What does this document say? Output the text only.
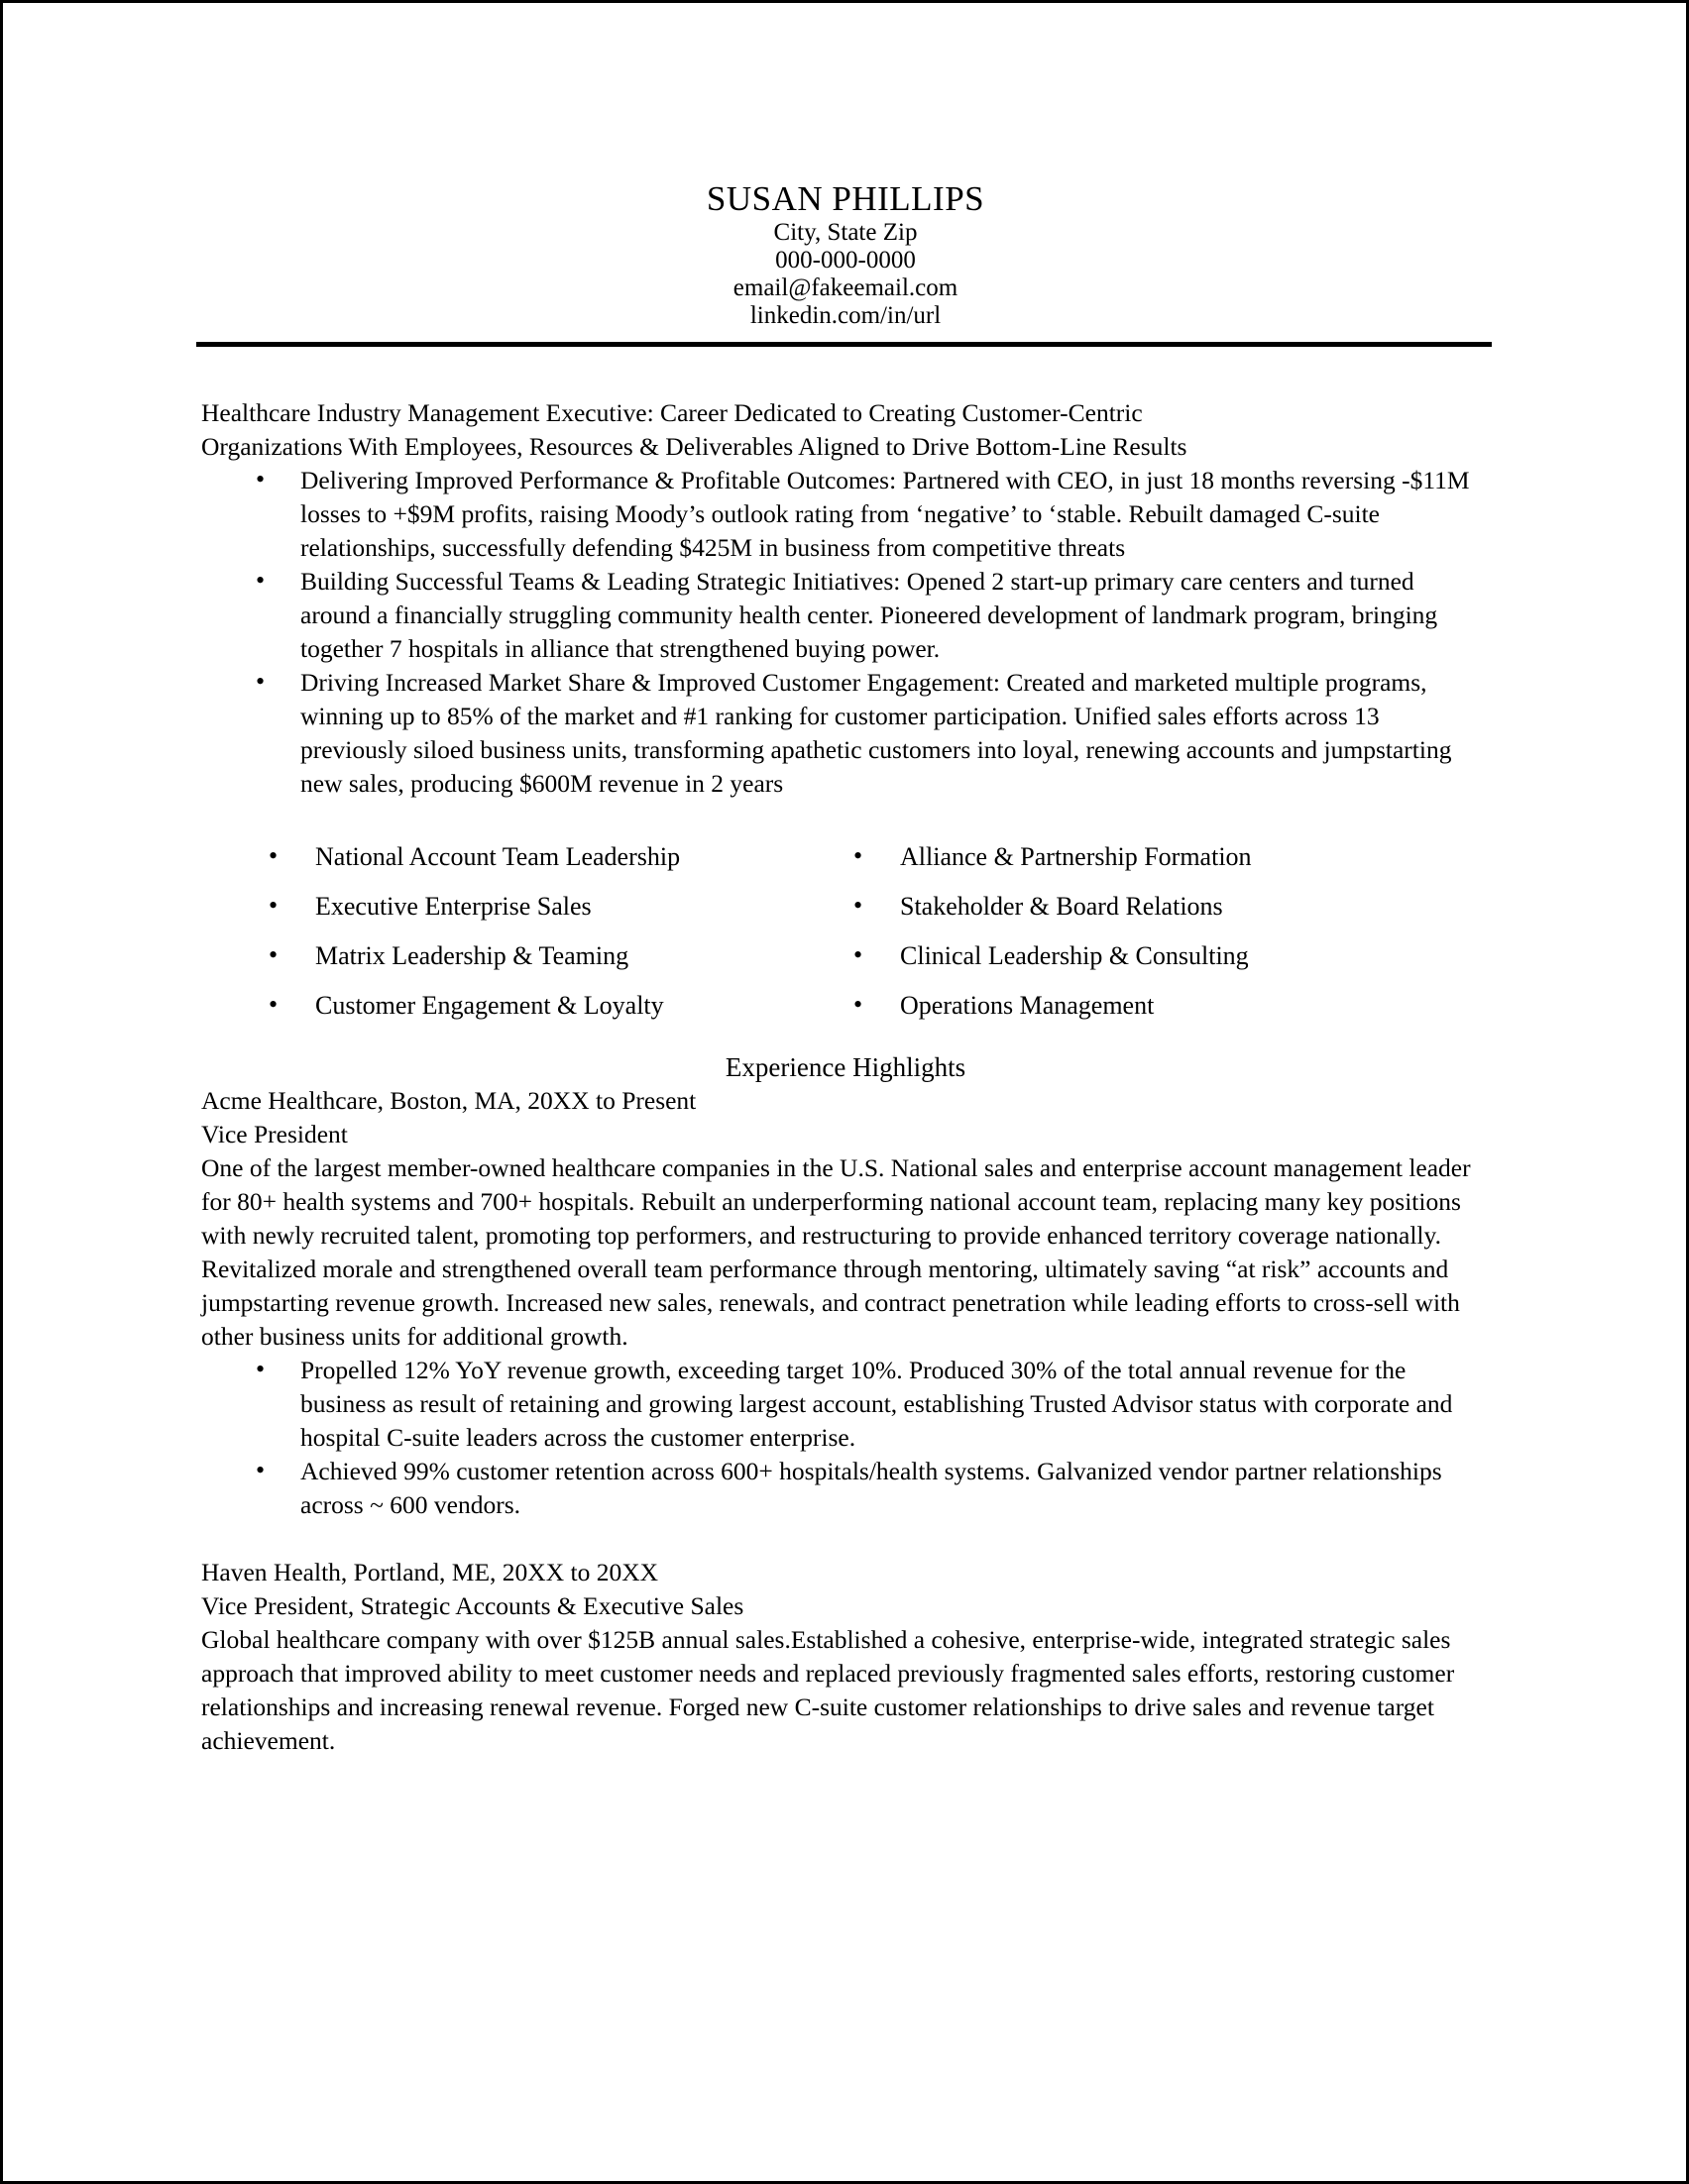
SUSAN PHILLIPS
City, State Zip
000-000-0000
email@fakeemail.com
linkedin.com/in/url
Healthcare Industry Management Executive: Career Dedicated to Creating Customer-Centric
Organizations With Employees, Resources & Deliverables Aligned to Drive Bottom-Line Results
• Delivering Improved Performance & Profitable Outcomes: Partnered with CEO, in just 18 months reversing -$11M losses to +$9M profits, raising Moody’s outlook rating from ‘negative’ to ‘stable. Rebuilt damaged C-suite relationships, successfully defending $425M in business from competitive threats
• Building Successful Teams & Leading Strategic Initiatives: Opened 2 start-up primary care centers and turned around a financially struggling community health center. Pioneered development of landmark program, bringing together 7 hospitals in alliance that strengthened buying power.
• Driving Increased Market Share & Improved Customer Engagement: Created and marketed multiple programs, winning up to 85% of the market and #1 ranking for customer participation. Unified sales efforts across 13 previously siloed business units, transforming apathetic customers into loyal, renewing accounts and jumpstarting new sales, producing $600M revenue in 2 years
• National Account Team Leadership
• Executive Enterprise Sales
• Matrix Leadership & Teaming
• Customer Engagement & Loyalty
• Alliance & Partnership Formation
• Stakeholder & Board Relations
• Clinical Leadership & Consulting
• Operations Management
Experience Highlights
Acme Healthcare, Boston, MA, 20XX to Present
Vice President

One of the largest member-owned healthcare companies in the U.S. National sales and enterprise account management leader for 80+ health systems and 700+ hospitals. Rebuilt an underperforming national account team, replacing many key positions with newly recruited talent, promoting top performers, and restructuring to provide enhanced territory coverage nationally. Revitalized morale and strengthened overall team performance through mentoring, ultimately saving “at risk” accounts and jumpstarting revenue growth. Increased new sales, renewals, and contract penetration while leading efforts to cross-sell with other business units for additional growth.

• Propelled 12% YoY revenue growth, exceeding target 10%. Produced 30% of the total annual revenue for the business as result of retaining and growing largest account, establishing Trusted Advisor status with corporate and hospital C-suite leaders across the customer enterprise.
• Achieved 99% customer retention across 600+ hospitals/health systems. Galvanized vendor partner relationships across ~ 600 vendors.
Haven Health, Portland, ME, 20XX to 20XX
Vice President, Strategic Accounts & Executive Sales

Global healthcare company with over $125B annual sales.Established a cohesive, enterprise-wide, integrated strategic sales approach that improved ability to meet customer needs and replaced previously fragmented sales efforts, restoring customer relationships and increasing renewal revenue. Forged new C-suite customer relationships to drive sales and revenue target achievement.
